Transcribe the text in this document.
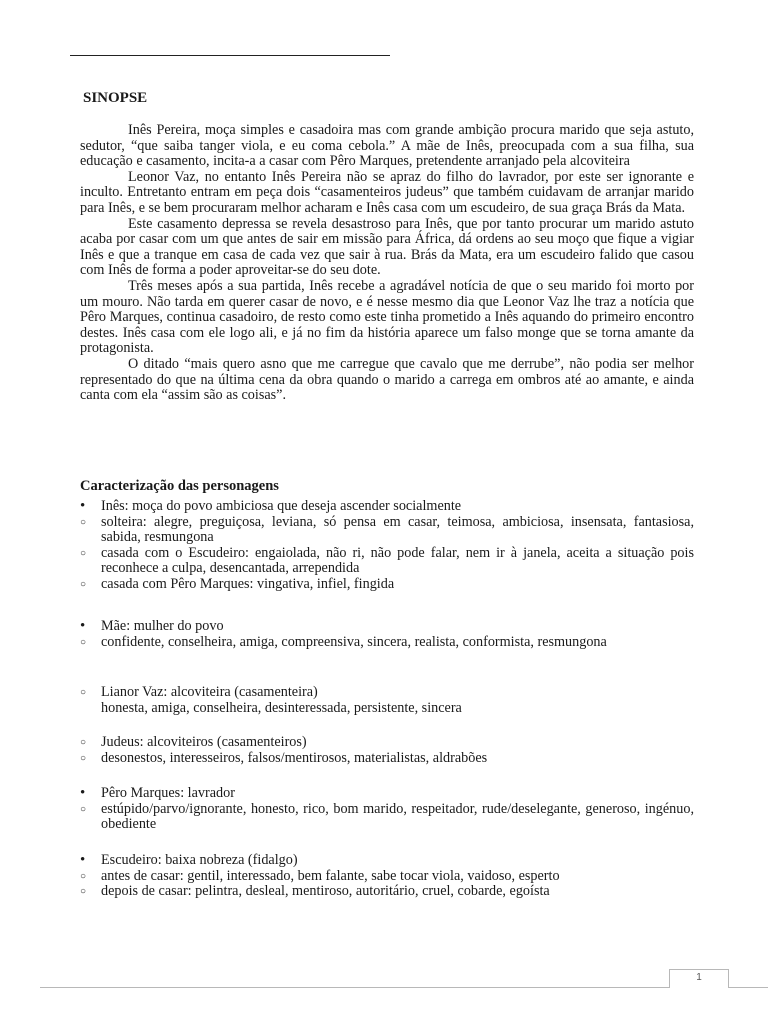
SINOPSE

Inês Pereira, moça simples e casadoira mas com grande ambição procura marido que seja astuto, sedutor, “que saiba tanger viola, e eu coma cebola.” A mãe de Inês, preocupada com a sua filha, sua educação e casamento, incita-a a casar com Pêro Marques, pretendente arranjado pela alcoviteira

Leonor Vaz, no entanto Inês Pereira não se apraz do filho do lavrador, por este ser ignorante e inculto. Entretanto entram em peça dois “casamenteiros judeus” que também cuidavam de arranjar marido para Inês, e se bem procuraram melhor acharam e Inês casa com um escudeiro, de sua graça Brás da Mata.

Este casamento depressa se revela desastroso para Inês, que por tanto procurar um marido astuto acaba por casar com um que antes de sair em missão para África, dá ordens ao seu moço que fique a vigiar Inês e que a tranque em casa de cada vez que sair à rua. Brás da Mata, era um escudeiro falido que casou com Inês de forma a poder aproveitar-se do seu dote.

Três meses após a sua partida, Inês recebe a agradável notícia de que o seu marido foi morto por um mouro. Não tarda em querer casar de novo, e é nesse mesmo dia que Leonor Vaz lhe traz a notícia que Pêro Marques, continua casadoiro, de resto como este tinha prometido a Inês aquando do primeiro encontro destes. Inês casa com ele logo ali, e já no fim da história aparece um falso monge que se torna amante da protagonista.

O ditado “mais quero asno que me carregue que cavalo que me derrube”, não podia ser melhor representado do que na última cena da obra quando o marido a carrega em ombros até ao amante, e ainda canta com ela “assim são as coisas”.

Caracterização das personagens
•
Inês: moça do povo ambiciosa que deseja ascender socialmente
○
solteira: alegre, preguiçosa, leviana, só pensa em casar, teimosa, ambiciosa, insensata, fantasiosa, sabida, resmungona
○
casada com o Escudeiro: engaiolada, não ri, não pode falar, nem ir à janela, aceita a situação pois reconhece a culpa, desencantada, arrependida
○
casada com Pêro Marques: vingativa, infiel, fingida
•
Mãe: mulher do povo
○
confidente, conselheira, amiga, compreensiva, sincera, realista, conformista, resmungona
○
Lianor Vaz: alcoviteira (casamenteira)
honesta, amiga, conselheira, desinteressada, persistente, sincera
○
Judeus: alcoviteiros (casamenteiros)
○
desonestos, interesseiros, falsos/mentirosos, materialistas, aldrabões
•
Pêro Marques: lavrador
○
estúpido/parvo/ignorante, honesto, rico, bom marido, respeitador, rude/deselegante, generoso, ingénuo, obediente
•
Escudeiro: baixa nobreza (fidalgo)
○
antes de casar: gentil, interessado, bem falante, sabe tocar viola, vaidoso, esperto
○
depois de casar: pelintra, desleal, mentiroso, autoritário, cruel, cobarde, egoísta
1
